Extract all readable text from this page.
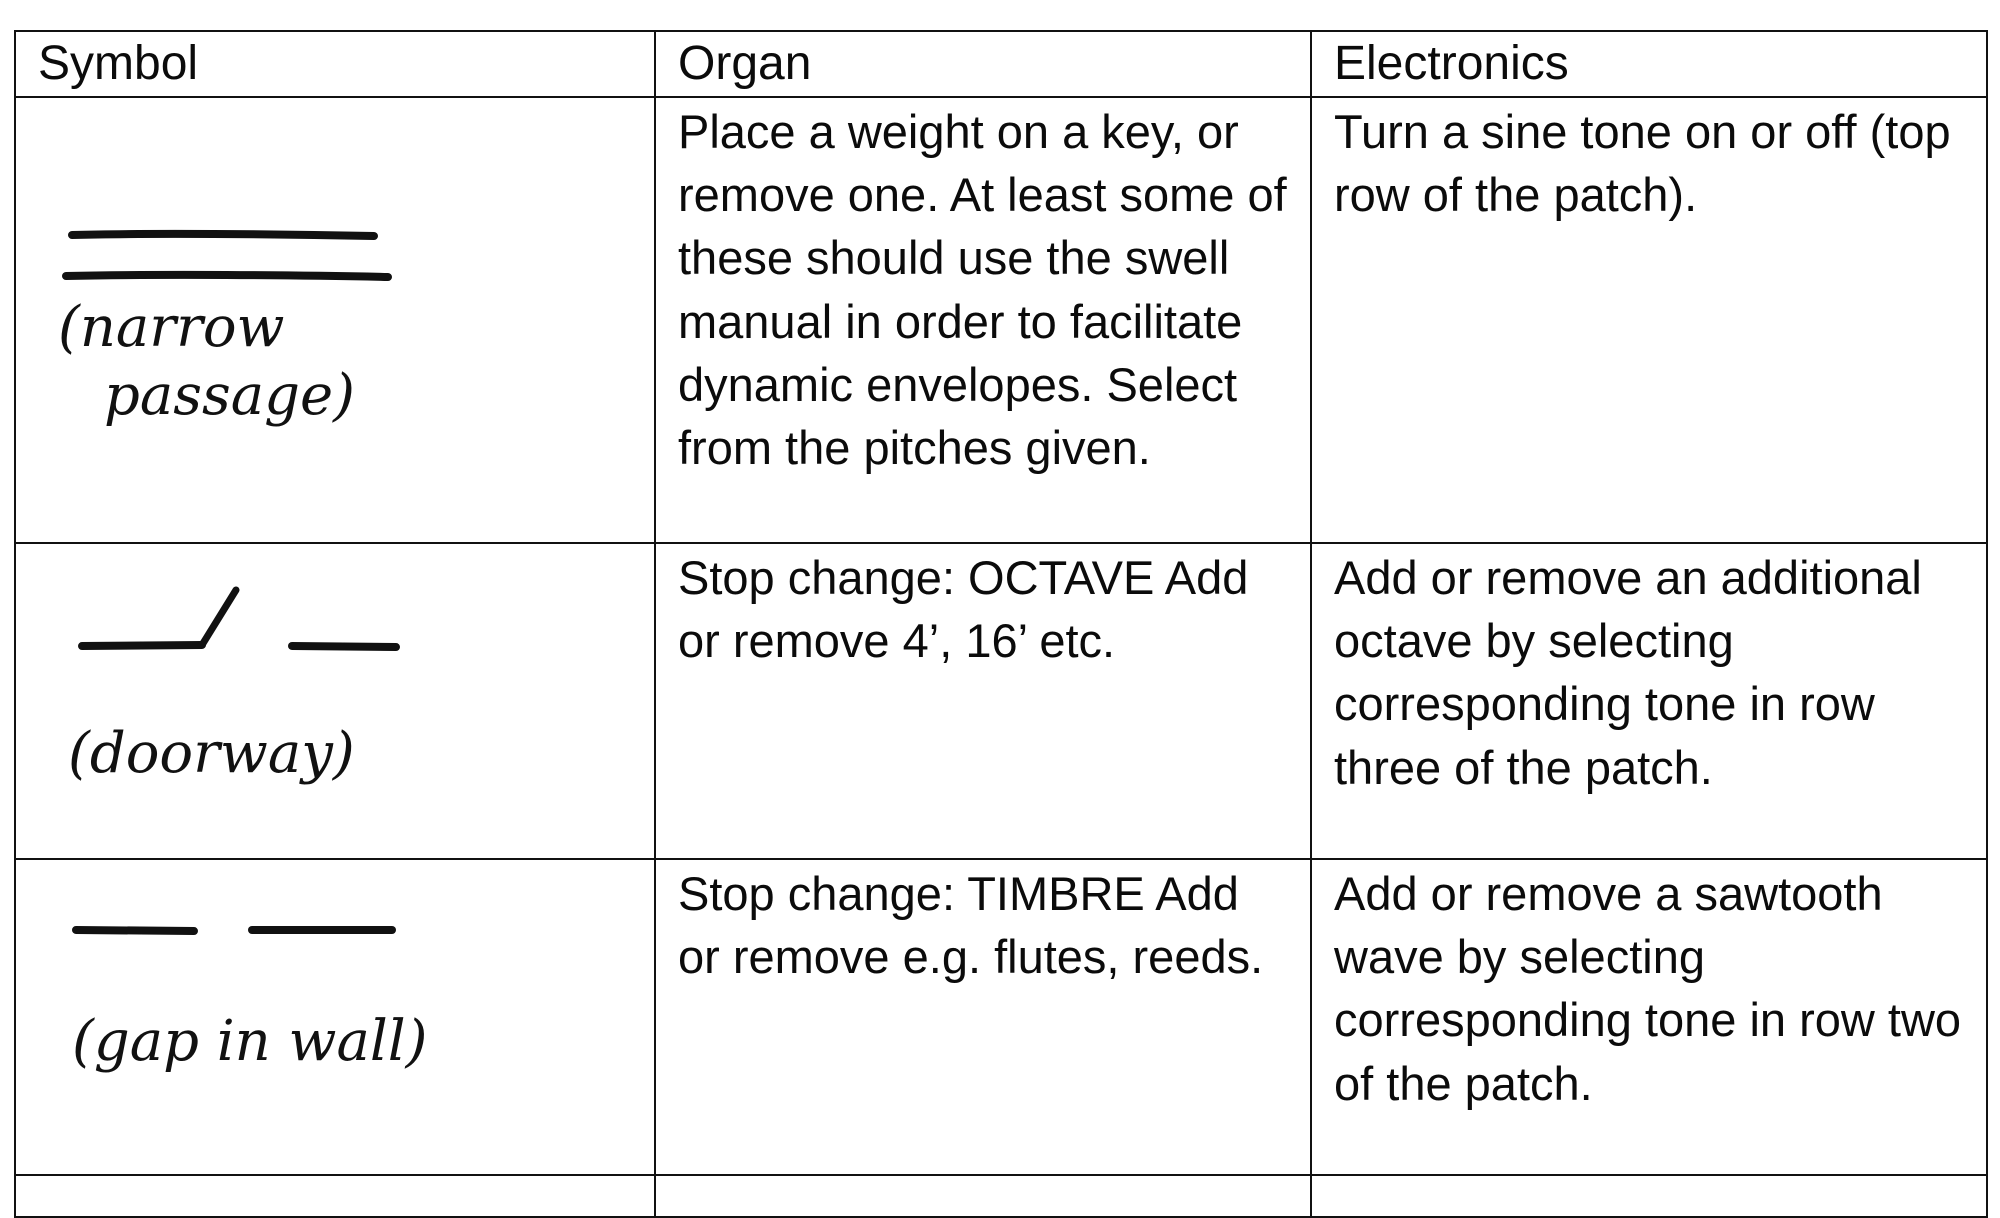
Symbol	Organ	Electronics

(narrow
passage)	Place a weight on a key, or remove one. At least some of these should use the swell manual in order to facilitate dynamic envelopes. Select from the pitches given.	Turn a sine tone on or off (top row of the patch).

(doorway)	Stop change: OCTAVE Add or remove 4’, 16’ etc.	Add or remove an additional octave by selecting corresponding tone in row three of the patch.

(gap in wall)	Stop change: TIMBRE Add or remove e.g. flutes, reeds.	Add or remove a sawtooth wave by selecting corresponding tone in row two of the patch.
